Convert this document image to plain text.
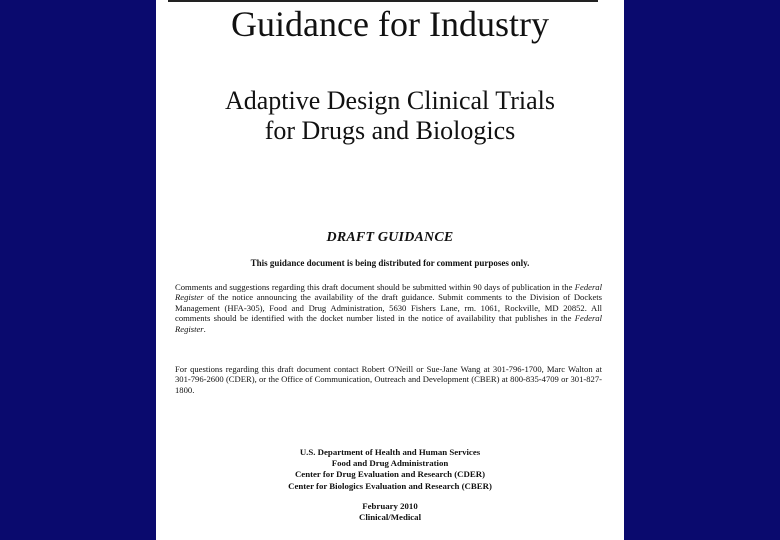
Guidance for Industry
Adaptive Design Clinical Trials
for Drugs and Biologics
DRAFT GUIDANCE
This guidance document is being distributed for comment purposes only.
Comments and suggestions regarding this draft document should be submitted within 90 days of publication in the Federal Register of the notice announcing the availability of the draft guidance. Submit comments to the Division of Dockets Management (HFA-305), Food and Drug Administration, 5630 Fishers Lane, rm. 1061, Rockville, MD 20852. All comments should be identified with the docket number listed in the notice of availability that publishes in the Federal Register.
For questions regarding this draft document contact Robert O'Neill or Sue-Jane Wang at 301-796-1700, Marc Walton at 301-796-2600 (CDER), or the Office of Communication, Outreach and Development (CBER) at 800-835-4709 or 301-827-1800.
U.S. Department of Health and Human Services
Food and Drug Administration
Center for Drug Evaluation and Research (CDER)
Center for Biologics Evaluation and Research (CBER)
February 2010
Clinical/Medical
